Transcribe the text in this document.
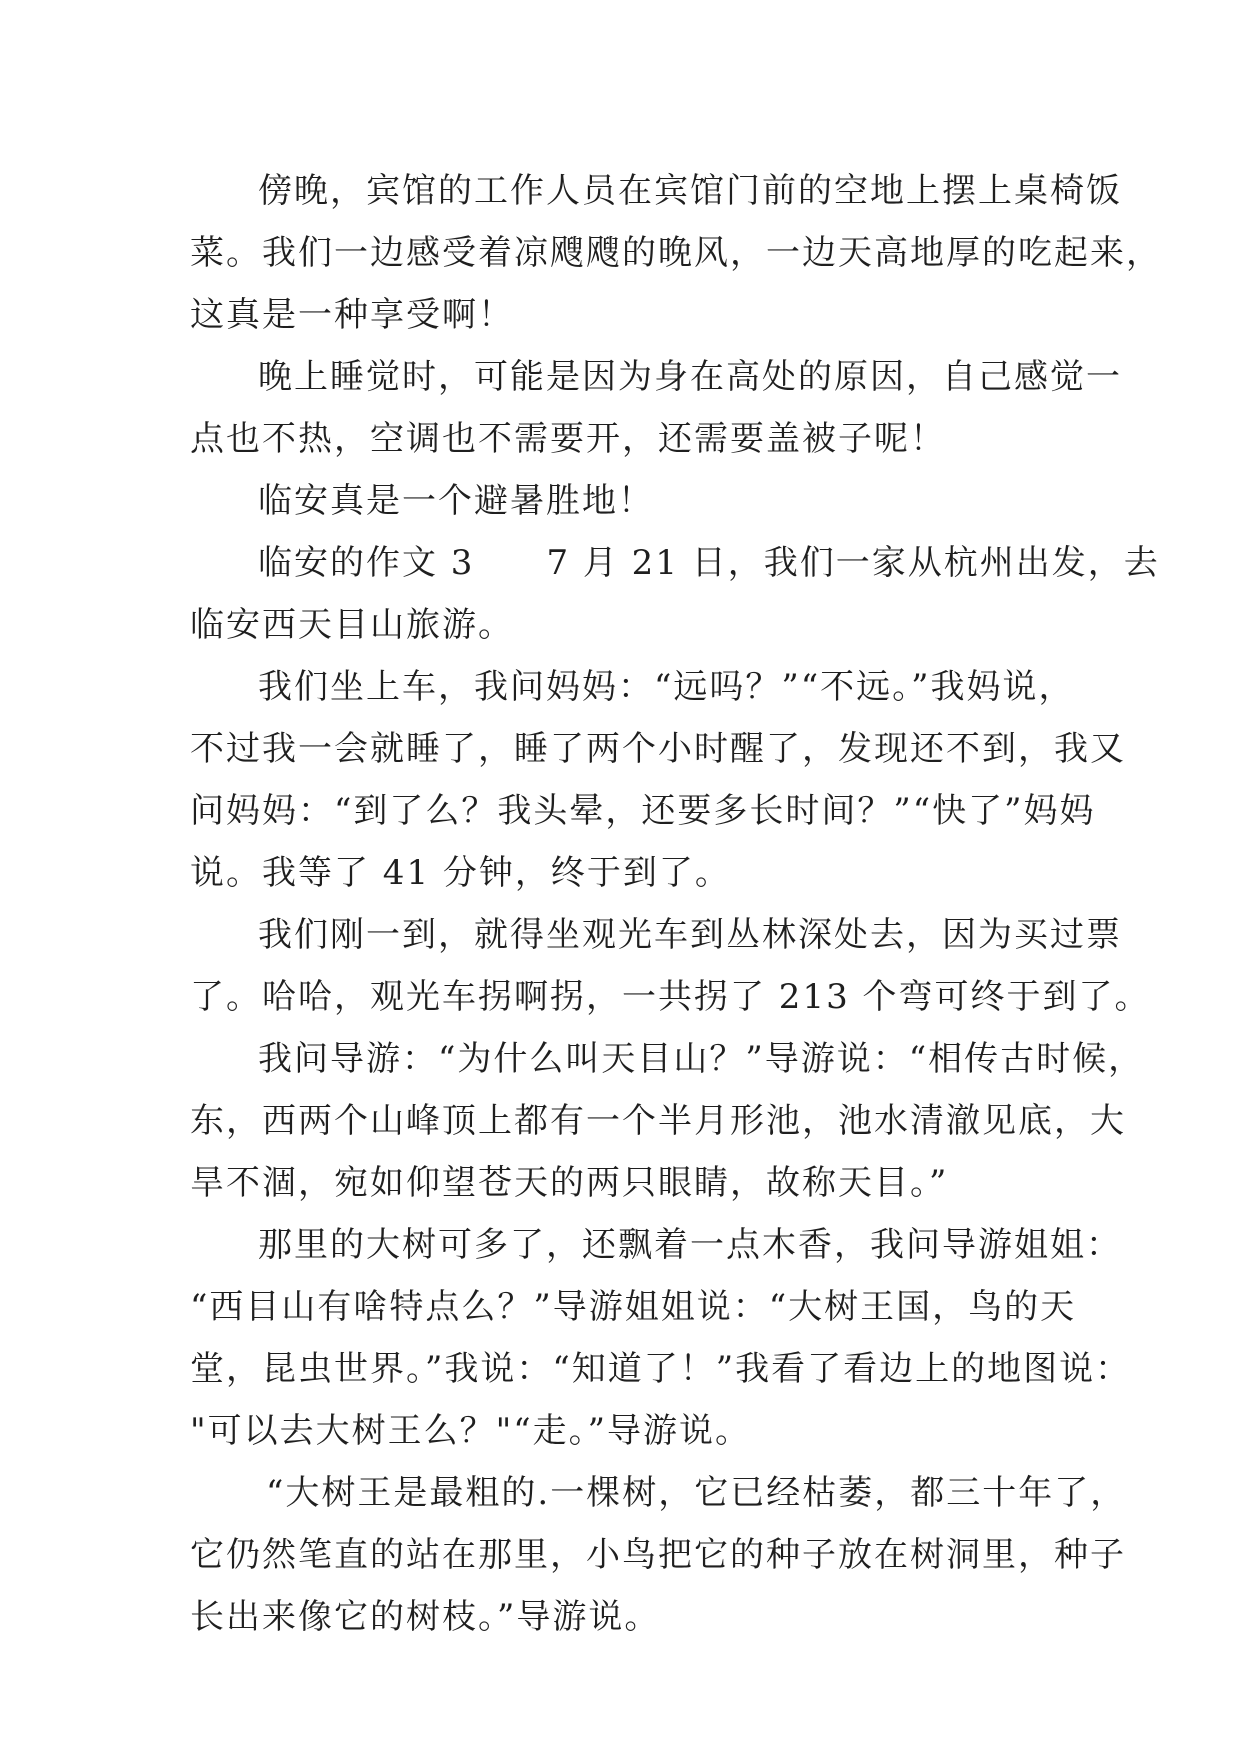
傍晚，宾馆的工作人员在宾馆门前的空地上摆上桌椅饭
菜。我们一边感受着凉飕飕的晚风，一边天高地厚的吃起来，
这真是一种享受啊！
晚上睡觉时，可能是因为身在高处的原因，自己感觉一
点也不热，空调也不需要开，还需要盖被子呢！
临安真是一个避暑胜地！
临安的作文 3　　7 月 21 日，我们一家从杭州出发，去
临安西天目山旅游。
我们坐上车，我问妈妈：“远吗？”“不远。”我妈说，
不过我一会就睡了，睡了两个小时醒了，发现还不到，我又
问妈妈：“到了么？我头晕，还要多长时间？”“快了”妈妈
说。我等了 41 分钟，终于到了。
我们刚一到，就得坐观光车到丛林深处去，因为买过票
了。哈哈，观光车拐啊拐，一共拐了 213 个弯可终于到了。
我问导游：“为什么叫天目山？”导游说：“相传古时候，
东，西两个山峰顶上都有一个半月形池，池水清澈见底，大
旱不涸，宛如仰望苍天的两只眼睛，故称天目。”
那里的大树可多了，还飘着一点木香，我问导游姐姐：
“西目山有啥特点么？”导游姐姐说：“大树王国，鸟的天
堂，昆虫世界。”我说：“知道了！”我看了看边上的地图说：
"可以去大树王么？"“走。”导游说。
“大树王是最粗的.一棵树，它已经枯萎，都三十年了，
它仍然笔直的站在那里，小鸟把它的种子放在树洞里，种子
长出来像它的树枝。”导游说。
